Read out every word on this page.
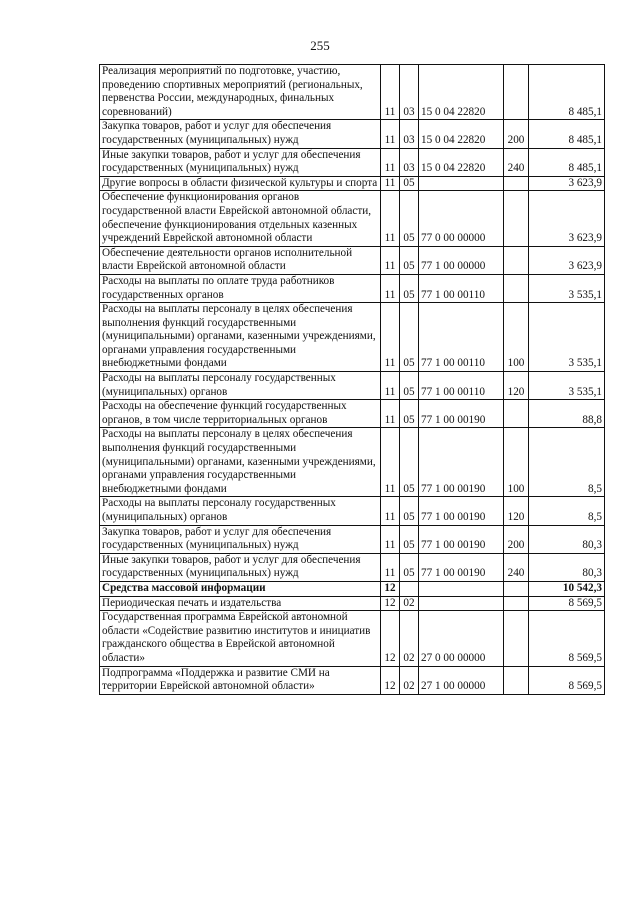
255
Реализация мероприятий по подготовке, участию, проведению спортивных мероприятий (региональных, первенства России, международных, финальных соревнований)	11	03	15 0 04 22820		8 485,1
Закупка товаров, работ и услуг для обеспечения государственных (муниципальных) нужд	11	03	15 0 04 22820	200	8 485,1
Иные закупки товаров, работ и услуг для обеспечения государственных (муниципальных) нужд	11	03	15 0 04 22820	240	8 485,1
Другие вопросы в области физической культуры и спорта	11	05			3 623,9
Обеспечение функционирования органов государственной власти Еврейской автономной области, обеспечение функционирования отдельных казенных учреждений Еврейской автономной области	11	05	77 0 00 00000		3 623,9
Обеспечение деятельности органов исполнительной власти Еврейской автономной области	11	05	77 1 00 00000		3 623,9
Расходы на выплаты по оплате труда работников государственных органов	11	05	77 1 00 00110		3 535,1
Расходы на выплаты персоналу в целях обеспечения выполнения функций государственными (муниципальными) органами, казенными учреждениями, органами управления государственными внебюджетными фондами	11	05	77 1 00 00110	100	3 535,1
Расходы на выплаты персоналу государственных (муниципальных) органов	11	05	77 1 00 00110	120	3 535,1
Расходы на обеспечение функций государственных органов, в том числе территориальных органов	11	05	77 1 00 00190		88,8
Расходы на выплаты персоналу в целях обеспечения выполнения функций государственными (муниципальными) органами, казенными учреждениями, органами управления государственными внебюджетными фондами	11	05	77 1 00 00190	100	8,5
Расходы на выплаты персоналу государственных (муниципальных) органов	11	05	77 1 00 00190	120	8,5
Закупка товаров, работ и услуг для обеспечения государственных (муниципальных) нужд	11	05	77 1 00 00190	200	80,3
Иные закупки товаров, работ и услуг для обеспечения государственных (муниципальных) нужд	11	05	77 1 00 00190	240	80,3
Средства массовой информации	12				10 542,3
Периодическая печать и издательства	12	02			8 569,5
Государственная программа Еврейской автономной области «Содействие развитию институтов и инициатив гражданского общества в Еврейской автономной области»	12	02	27 0 00 00000		8 569,5
Подпрограмма «Поддержка и развитие СМИ на территории Еврейской автономной области»	12	02	27 1 00 00000		8 569,5
